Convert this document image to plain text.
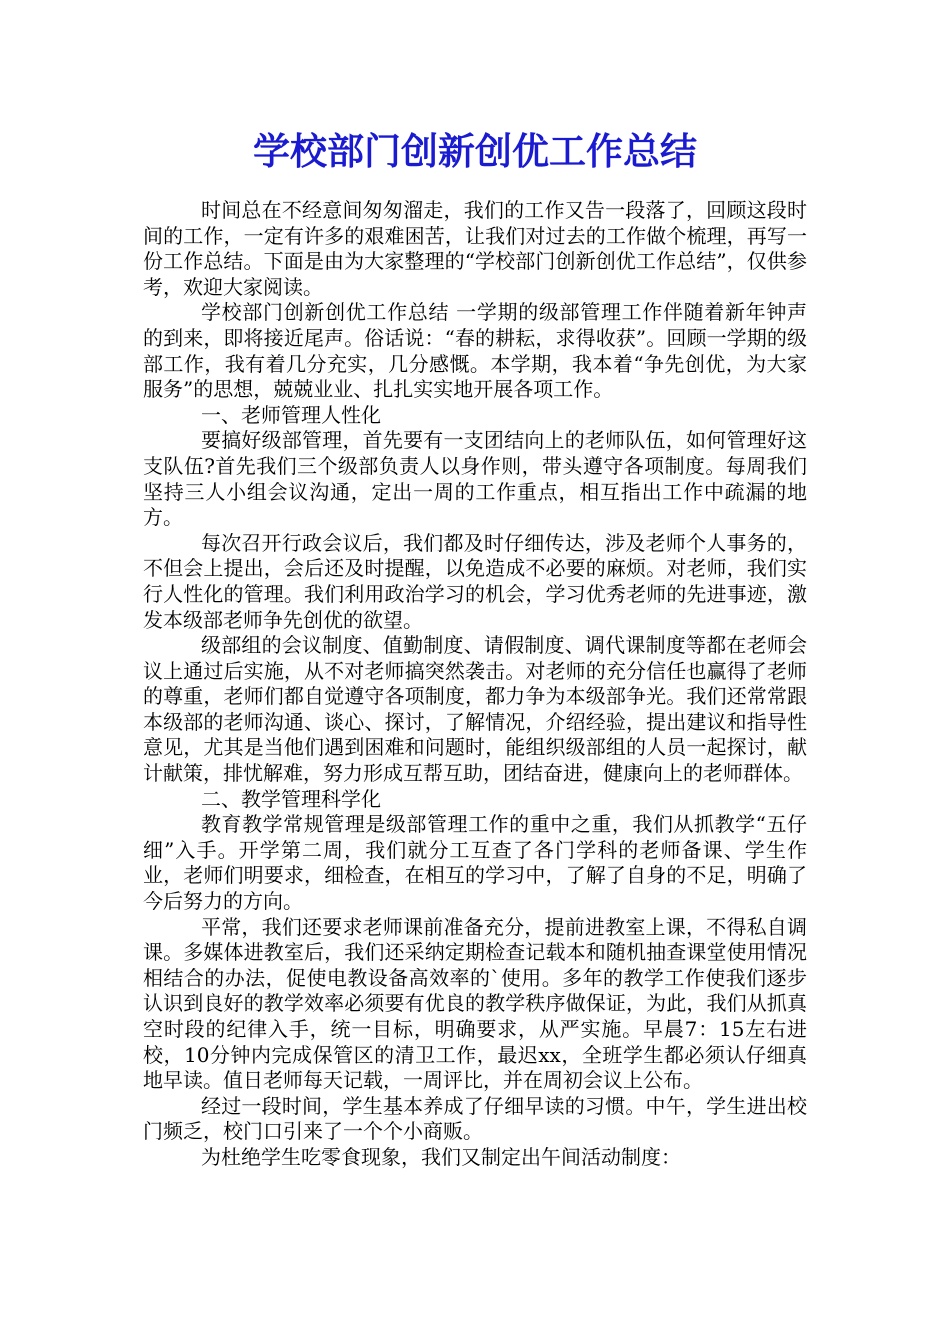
学校部门创新创优工作总结

时间总在不经意间匆匆溜走，我们的工作又告一段落了，回顾这段时间的工作，一定有许多的艰难困苦，让我们对过去的工作做个梳理，再写一份工作总结。下面是由为大家整理的“学校部门创新创优工作总结”，仅供参考，欢迎大家阅读。

学校部门创新创优工作总结 一学期的级部管理工作伴随着新年钟声的到来，即将接近尾声。俗话说：“春的耕耘，求得收获”。回顾一学期的级部工作，我有着几分充实，几分感慨。本学期，我本着“争先创优，为大家服务”的思想，兢兢业业、扎扎实实地开展各项工作。

一、老师管理人性化

要搞好级部管理，首先要有一支团结向上的老师队伍，如何管理好这支队伍?首先我们三个级部负责人以身作则，带头遵守各项制度。每周我们坚持三人小组会议沟通，定出一周的工作重点，相互指出工作中疏漏的地方。

每次召开行政会议后，我们都及时仔细传达，涉及老师个人事务的，不但会上提出，会后还及时提醒，以免造成不必要的麻烦。对老师，我们实行人性化的管理。我们利用政治学习的机会，学习优秀老师的先进事迹，激发本级部老师争先创优的欲望。

级部组的会议制度、值勤制度、请假制度、调代课制度等都在老师会议上通过后实施，从不对老师搞突然袭击。对老师的充分信任也赢得了老师的尊重，老师们都自觉遵守各项制度，都力争为本级部争光。我们还常常跟本级部的老师沟通、谈心、探讨，了解情况，介绍经验，提出建议和指导性意见，尤其是当他们遇到困难和问题时，能组织级部组的人员一起探讨，献计献策，排忧解难，努力形成互帮互助，团结奋进，健康向上的老师群体。

二、教学管理科学化

教育教学常规管理是级部管理工作的重中之重，我们从抓教学“五仔细”入手。开学第二周，我们就分工互查了各门学科的老师备课、学生作业，老师们明要求，细检查，在相互的学习中，了解了自身的不足，明确了今后努力的方向。

平常，我们还要求老师课前准备充分，提前进教室上课，不得私自调课。多媒体进教室后，我们还采纳定期检查记载本和随机抽查课堂使用情况相结合的办法，促使电教设备高效率的`使用。多年的教学工作使我们逐步认识到良好的教学效率必须要有优良的教学秩序做保证，为此，我们从抓真空时段的纪律入手，统一目标，明确要求，从严实施。早晨7：15左右进校，10分钟内完成保管区的清卫工作，最迟xx，全班学生都必须认仔细真地早读。值日老师每天记载，一周评比，并在周初会议上公布。

经过一段时间，学生基本养成了仔细早读的习惯。中午，学生进出校门频乏，校门口引来了一个个小商贩。

为杜绝学生吃零食现象，我们又制定出午间活动制度：
